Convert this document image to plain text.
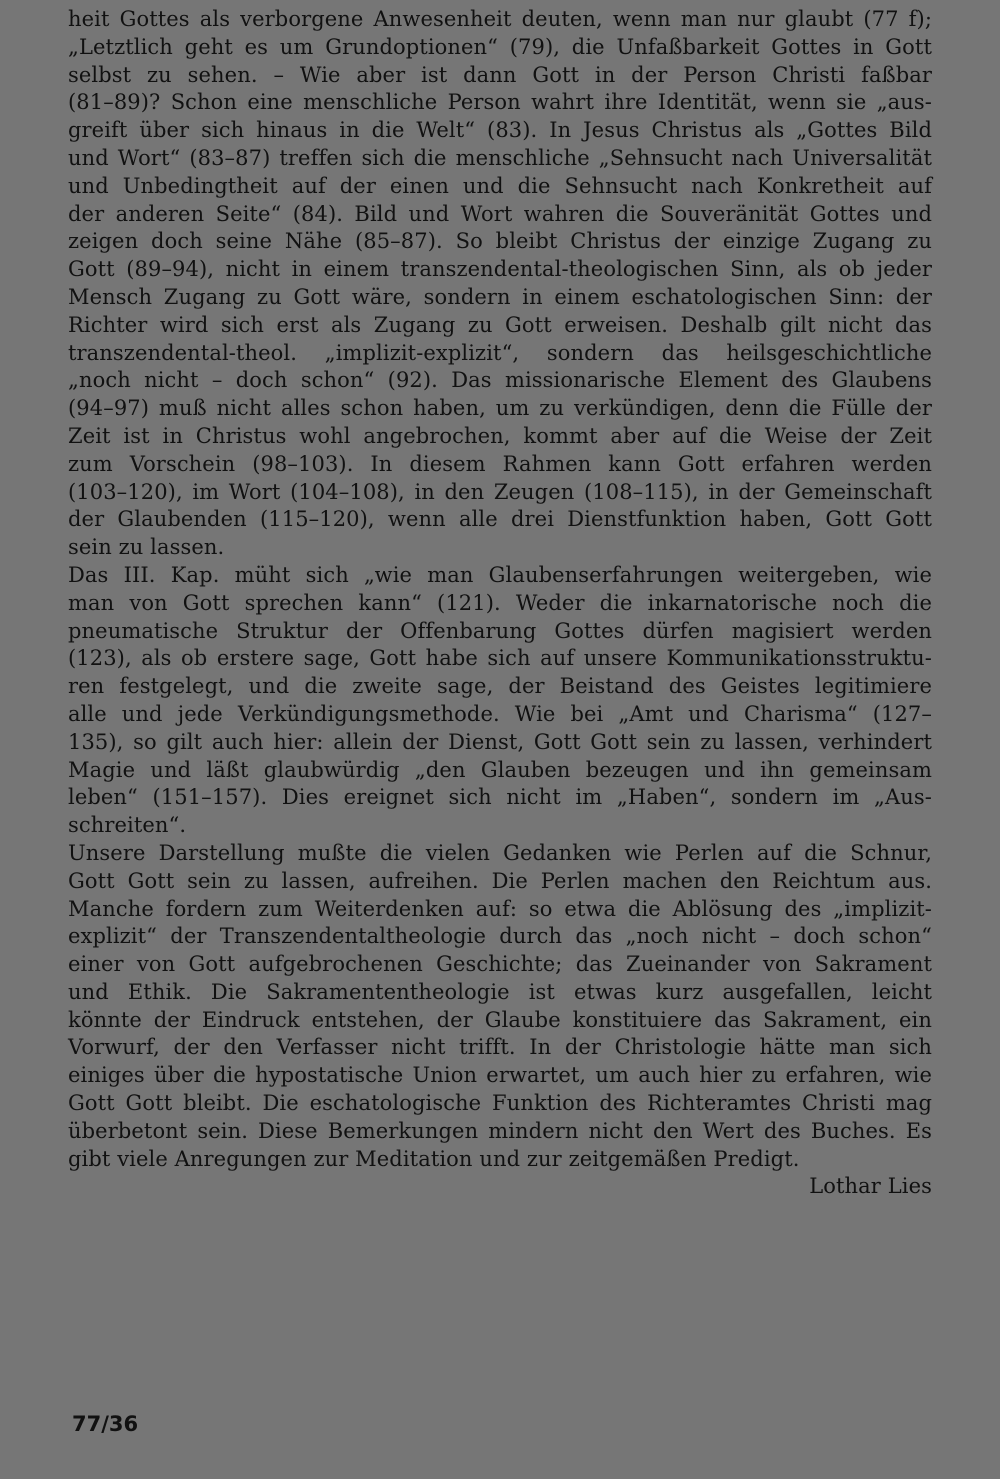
heit Gottes als verborgene Anwesenheit deuten, wenn man nur glaubt (77 f);
„Letztlich geht es um Grundoptionen“ (79), die Unfaßbarkeit Gottes in Gott
selbst zu sehen. – Wie aber ist dann Gott in der Person Christi faßbar
(81–89)? Schon eine menschliche Person wahrt ihre Identität, wenn sie „aus-
greift über sich hinaus in die Welt“ (83). In Jesus Christus als „Gottes Bild
und Wort“ (83–87) treffen sich die menschliche „Sehnsucht nach Universalität
und Unbedingtheit auf der einen und die Sehnsucht nach Konkretheit auf
der anderen Seite“ (84). Bild und Wort wahren die Souveränität Gottes und
zeigen doch seine Nähe (85–87). So bleibt Christus der einzige Zugang zu
Gott (89–94), nicht in einem transzendental-theologischen Sinn, als ob jeder
Mensch Zugang zu Gott wäre, sondern in einem eschatologischen Sinn: der
Richter wird sich erst als Zugang zu Gott erweisen. Deshalb gilt nicht das
transzendental-theol. „implizit-explizit“, sondern das heilsgeschichtliche
„noch nicht – doch schon“ (92). Das missionarische Element des Glaubens
(94–97) muß nicht alles schon haben, um zu verkündigen, denn die Fülle der
Zeit ist in Christus wohl angebrochen, kommt aber auf die Weise der Zeit
zum Vorschein (98–103). In diesem Rahmen kann Gott erfahren werden
(103–120), im Wort (104–108), in den Zeugen (108–115), in der Gemeinschaft
der Glaubenden (115–120), wenn alle drei Dienstfunktion haben, Gott Gott
sein zu lassen.
Das III. Kap. müht sich „wie man Glaubenserfahrungen weitergeben, wie
man von Gott sprechen kann“ (121). Weder die inkarnatorische noch die
pneumatische Struktur der Offenbarung Gottes dürfen magisiert werden
(123), als ob erstere sage, Gott habe sich auf unsere Kommunikationsstruktu-
ren festgelegt, und die zweite sage, der Beistand des Geistes legitimiere
alle und jede Verkündigungsmethode. Wie bei „Amt und Charisma“ (127–
135), so gilt auch hier: allein der Dienst, Gott Gott sein zu lassen, verhindert
Magie und läßt glaubwürdig „den Glauben bezeugen und ihn gemeinsam
leben“ (151–157). Dies ereignet sich nicht im „Haben“, sondern im „Aus-
schreiten“.
Unsere Darstellung mußte die vielen Gedanken wie Perlen auf die Schnur,
Gott Gott sein zu lassen, aufreihen. Die Perlen machen den Reichtum aus.
Manche fordern zum Weiterdenken auf: so etwa die Ablösung des „implizit-
explizit“ der Transzendentaltheologie durch das „noch nicht – doch schon“
einer von Gott aufgebrochenen Geschichte; das Zueinander von Sakrament
und Ethik. Die Sakramententheologie ist etwas kurz ausgefallen, leicht
könnte der Eindruck entstehen, der Glaube konstituiere das Sakrament, ein
Vorwurf, der den Verfasser nicht trifft. In der Christologie hätte man sich
einiges über die hypostatische Union erwartet, um auch hier zu erfahren, wie
Gott Gott bleibt. Die eschatologische Funktion des Richteramtes Christi mag
überbetont sein. Diese Bemerkungen mindern nicht den Wert des Buches. Es
gibt viele Anregungen zur Meditation und zur zeitgemäßen Predigt.
Lothar Lies
77/36
